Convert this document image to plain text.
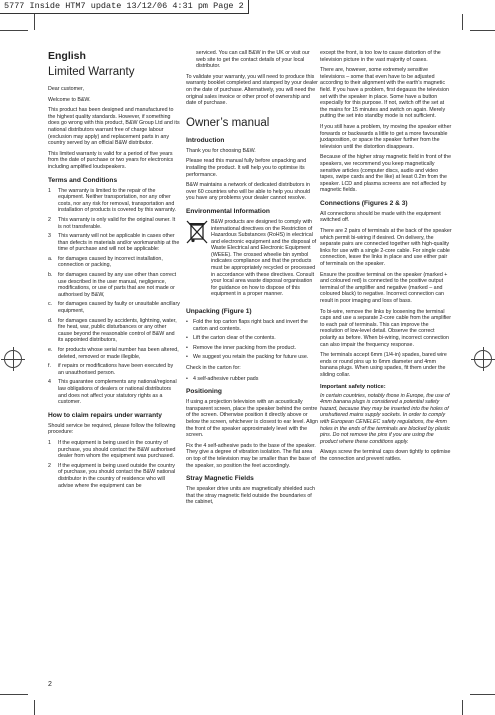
5777 Inside HTM7 update 13/12/06 4:31 pm Page 2
English
Limited Warranty

Dear customer,

Welcome to B&W.

This product has been designed and manufactured to the highest quality standards. However, if something does go wrong with this product, B&W Group Ltd and its national distributors warrant free of charge labour (exclusion may apply) and replacement parts in any country served by an official B&W distributor.

This limited warranty is valid for a period of five years from the date of purchase or two years for electronics including amplified loudspeakers.

Terms and Conditions
1	The warranty is limited to the repair of the equipment. Neither transportation, nor any other costs, nor any risk for removal, transportation and installation of products is covered by this warranty.
2	This warranty is only valid for the original owner. It is not transferable.
3	This warranty will not be applicable in cases other than defects in materials and/or workmanship at the time of purchase and will not be applicable:
a.	for damages caused by incorrect installation, connection or packing,
b.	for damages caused by any use other than correct use described in the user manual, negligence, modifications, or use of parts that are not made or authorised by B&W,
c.	for damages caused by faulty or unsuitable ancillary equipment,
d.	for damages caused by accidents, lightning, water, fire heat, war, public disturbances or any other cause beyond the reasonable control of B&W and its appointed distributors,
e.	for products whose serial number has been altered, deleted, removed or made illegible,
f.	if repairs or modifications have been executed by an unauthorised person.
4	This guarantee complements any national/regional law obligations of dealers or national distributors and does not affect your statutory rights as a customer.
How to claim repairs under warranty

Should service be required, please follow the following procedure:

1	If the equipment is being used in the country of purchase, you should contact the B&W authorised dealer from whom the equipment was purchased.
2	If the equipment is being used outside the country of purchase, you should contact the B&W national distributor in the country of residence who will advise where the equipment can be

serviced. You can call B&W in the UK or visit our web site to get the contact details of your local distributor.

To validate your warranty, you will need to produce this warranty booklet completed and stamped by your dealer on the date of purchase. Alternatively, you will need the original sales invoice or other proof of ownership and date of purchase.

Owner’s manual
Introduction

Thank you for choosing B&W.

Please read this manual fully before unpacking and installing the product. It will help you to optimise its performance.

B&W maintains a network of dedicated distributors in over 60 countries who will be able to help you should you have any problems your dealer cannot resolve.

Environmental Information

B&W products are designed to comply with international directives on the Restriction of Hazardous Substances (RoHS) in electrical and electronic equipment and the disposal of Waste Electrical and Electronic Equipment (WEEE). The crossed wheelie bin symbol indicates compliance and that the products must be appropriately recycled or processed in accordance with these directives. Consult your local area waste disposal organisation for guidance on how to dispose of this equipment in a proper manner.

Unpacking (Figure 1)
• Fold the top carton flaps right back and invert the carton and contents.
• Lift the carton clear of the contents.
• Remove the inner packing from the product.
• We suggest you retain the packing for future use.

Check in the carton for:

• 4 self-adhesive rubber pads
Positioning

If using a projection television with an acoustically transparent screen, place the speaker behind the centre of the screen. Otherwise position it directly above or below the screen, whichever is closest to ear level. Align the front of the speaker approximately level with the screen.

Fix the 4 self-adhesive pads to the base of the speaker. They give a degree of vibration isolation. The flat area on top of the television may be smaller than the base of the speaker, so position the feet accordingly.

Stray Magnetic Fields

The speaker drive units are magnetically shielded such that the stray magnetic field outside the boundaries of the cabinet,

except the front, is too low to cause distortion of the television picture in the vast majority of cases.

There are, however, some extremely sensitive televisions – some that even have to be adjusted according to their alignment with the earth's magnetic field. If you have a problem, first degauss the television set with the speaker in place. Some have a button especially for this purpose. If not, switch off the set at the mains for 15 minutes and switch on again. Merely putting the set into standby mode is not sufficient.

If you still have a problem, try moving the speaker either forwards or backwards a little to get a more favourable juxtaposition, or space the speaker further from the television until the distortion disappears.

Because of the higher stray magnetic field in front of the speakers, we recommend you keep magnetically sensitive articles (computer discs, audio and video tapes, swipe cards and the like) at least 0.2m from the speaker. LCD and plasma screens are not affected by magnetic fields.

Connections (Figures 2 & 3)

All connections should be made with the equipment switched off.

There are 2 pairs of terminals at the back of the speaker which permit bi-wiring if desired. On delivery, the separate pairs are connected together with high-quality links for use with a single 2-core cable. For single cable connection, leave the links in place and use either pair of terminals on the speaker.

Ensure the positive terminal on the speaker (marked + and coloured red) is connected to the positive output terminal of the amplifier and negative (marked – and coloured black) to negative. Incorrect connection can result in poor imaging and loss of bass.

To bi-wire, remove the links by loosening the terminal caps and use a separate 2-core cable from the amplifier to each pair of terminals. This can improve the resolution of low-level detail. Observe the correct polarity as before. When bi-wiring, incorrect connection can also impair the frequency response.

The terminals accept 6mm (1/4-in) spades, bared wire ends or round pins up to 6mm diameter and 4mm banana plugs. When using spades, fit them under the sliding collar.

Important safety notice:

In certain countries, notably those in Europe, the use of 4mm banana plugs is considered a potential safety hazard, because they may be inserted into the holes of unshuttered mains supply sockets. In order to comply with European CENELEC safety regulations, the 4mm holes in the ends of the terminals are blocked by plastic pins. Do not remove the pins if you are using the product where these conditions apply.

Always screw the terminal caps down tightly to optimise the connection and prevent rattles.

2
